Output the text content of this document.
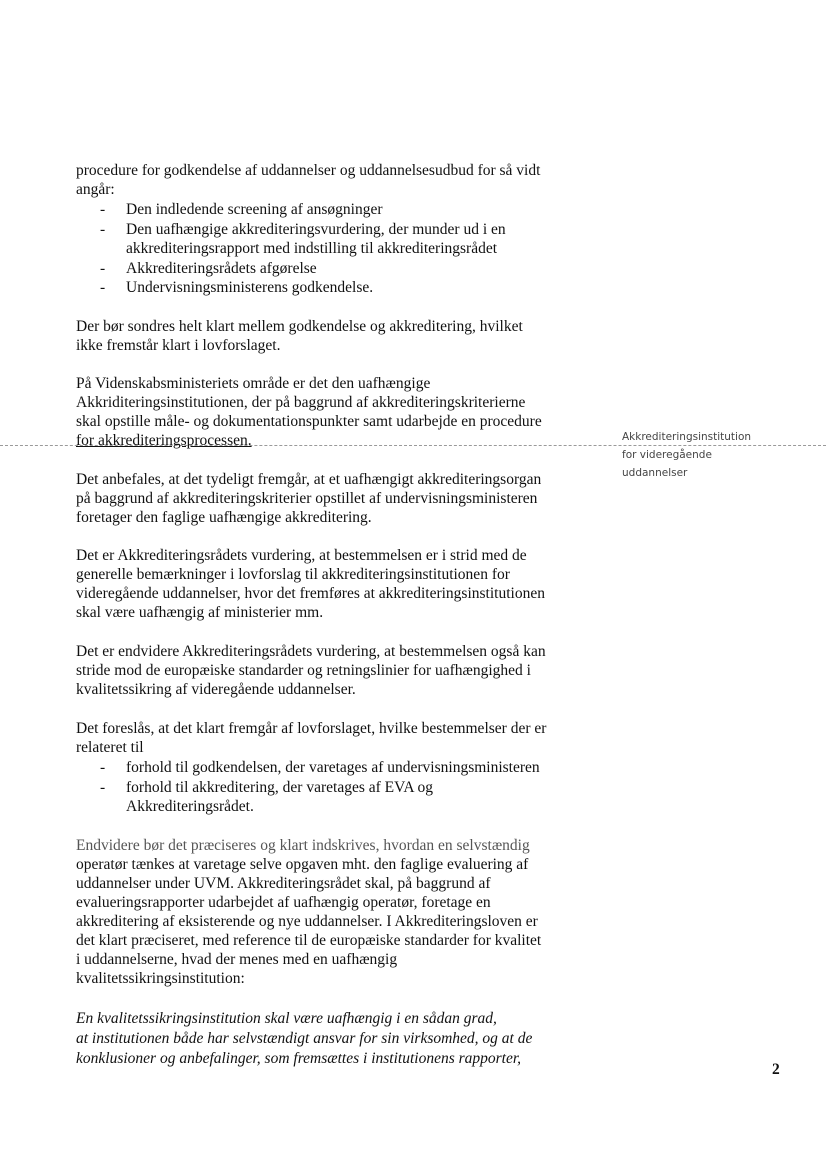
procedure for godkendelse af uddannelser og uddannelsesudbud for så vidt
angår:
- Den indledende screening af ansøgninger
- Den uafhængige akkrediteringsvurdering, der munder ud i en
akkrediteringsrapport med indstilling til akkrediteringsrådet
- Akkrediteringsrådets afgørelse
- Undervisningsministerens godkendelse.
Der bør sondres helt klart mellem godkendelse og akkreditering, hvilket
ikke fremstår klart i lovforslaget.
På Videnskabsministeriets område er det den uafhængige
Akkriditeringsinstitutionen, der på baggrund af akkrediteringskriterierne
skal opstille måle- og dokumentationspunkter samt udarbejde en procedure
for akkrediteringsprocessen.
Det anbefales, at det tydeligt fremgår, at et uafhængigt akkrediteringsorgan
på baggrund af akkrediteringskriterier opstillet af undervisningsministeren
foretager den faglige uafhængige akkreditering.
Det er Akkrediteringsrådets vurdering, at bestemmelsen er i strid med de
generelle bemærkninger i lovforslag til akkrediteringsinstitutionen for
videregående uddannelser, hvor det fremføres at akkrediteringsinstitutionen
skal være uafhængig af ministerier mm.
Det er endvidere Akkrediteringsrådets vurdering, at bestemmelsen også kan
stride mod de europæiske standarder og retningslinier for uafhængighed i
kvalitetssikring af videregående uddannelser.
Det foreslås, at det klart fremgår af lovforslaget, hvilke bestemmelser der er
relateret til
- forhold til godkendelsen, der varetages af undervisningsministeren
- forhold til akkreditering, der varetages af EVA og
Akkrediteringsrådet.
Endvidere bør det præciseres og klart indskrives, hvordan en selvstændig
operatør tænkes at varetage selve opgaven mht. den faglige evaluering af
uddannelser under UVM. Akkrediteringsrådet skal, på baggrund af
evalueringsrapporter udarbejdet af uafhængig operatør, foretage en
akkreditering af eksisterende og nye uddannelser. I Akkrediteringsloven er
det klart præciseret, med reference til de europæiske standarder for kvalitet
i uddannelserne, hvad der menes med en uafhængig
kvalitetssikringsinstitution:
En kvalitetssikringsinstitution skal være uafhængig i en sådan grad,
at institutionen både har selvstændigt ansvar for sin virksomhed, og at de
konklusioner og anbefalinger, som fremsættes i institutionens rapporter,
Akkrediteringsinstitution
for videregående
uddannelser
2
